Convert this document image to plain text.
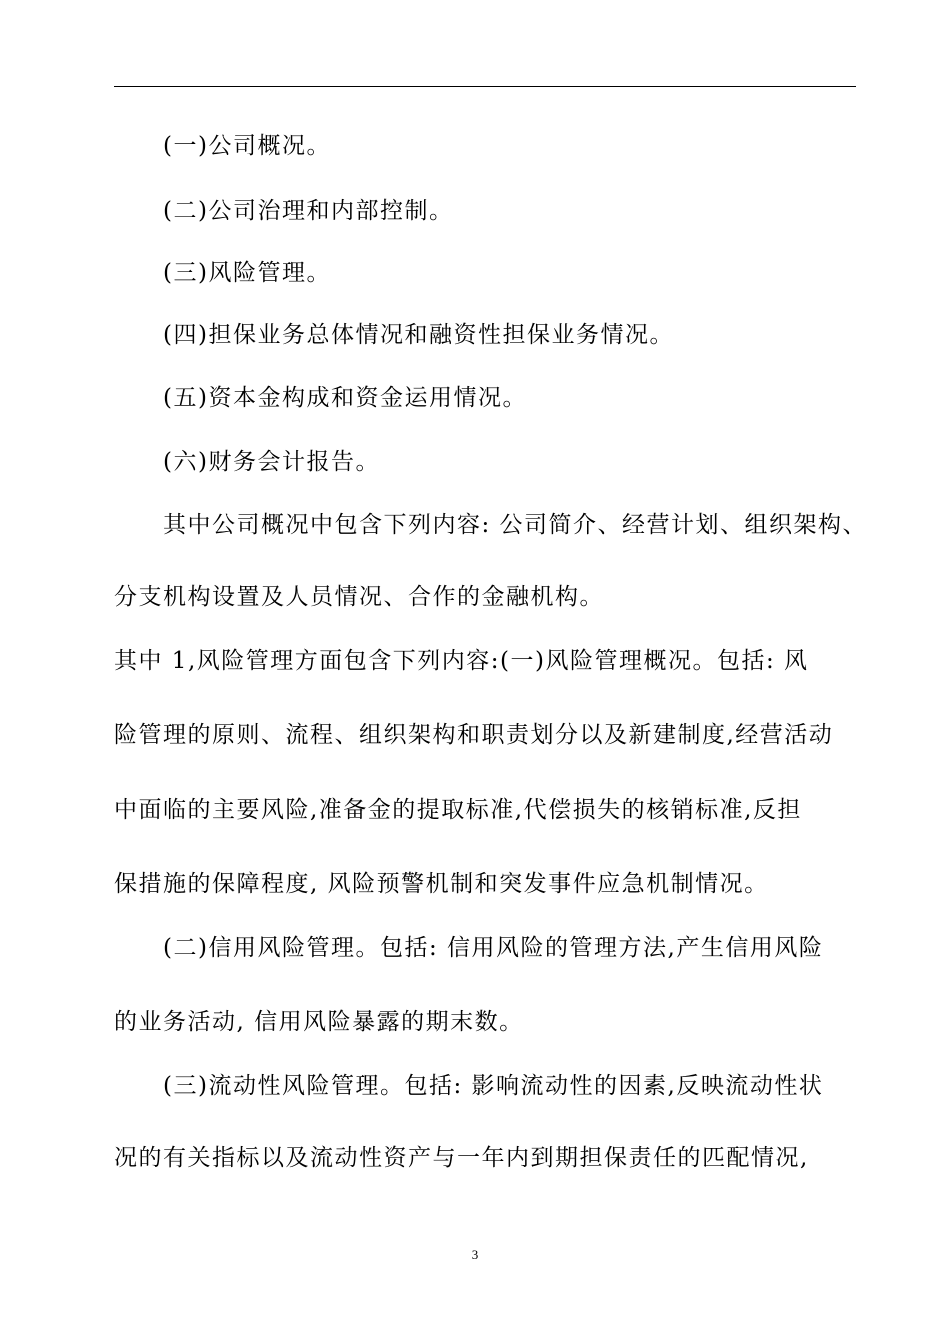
(一)公司概况。
(二)公司治理和内部控制。
(三)风险管理。
(四)担保业务总体情况和融资性担保业务情况。
(五)资本金构成和资金运用情况。
(六)财务会计报告。
其中公司概况中包含下列内容: 公司简介、经营计划、组织架构、
分支机构设置及人员情况、合作的金融机构。
其中 1,风险管理方面包含下列内容:(一)风险管理概况。包括: 风
险管理的原则、流程、组织架构和职责划分以及新建制度,经营活动
中面临的主要风险,准备金的提取标准,代偿损失的核销标准,反担
保措施的保障程度, 风险预警机制和突发事件应急机制情况。
(二)信用风险管理。包括: 信用风险的管理方法,产生信用风险
的业务活动, 信用风险暴露的期末数。
(三)流动性风险管理。包括: 影响流动性的因素,反映流动性状
况的有关指标以及流动性资产与一年内到期担保责任的匹配情况,
3
